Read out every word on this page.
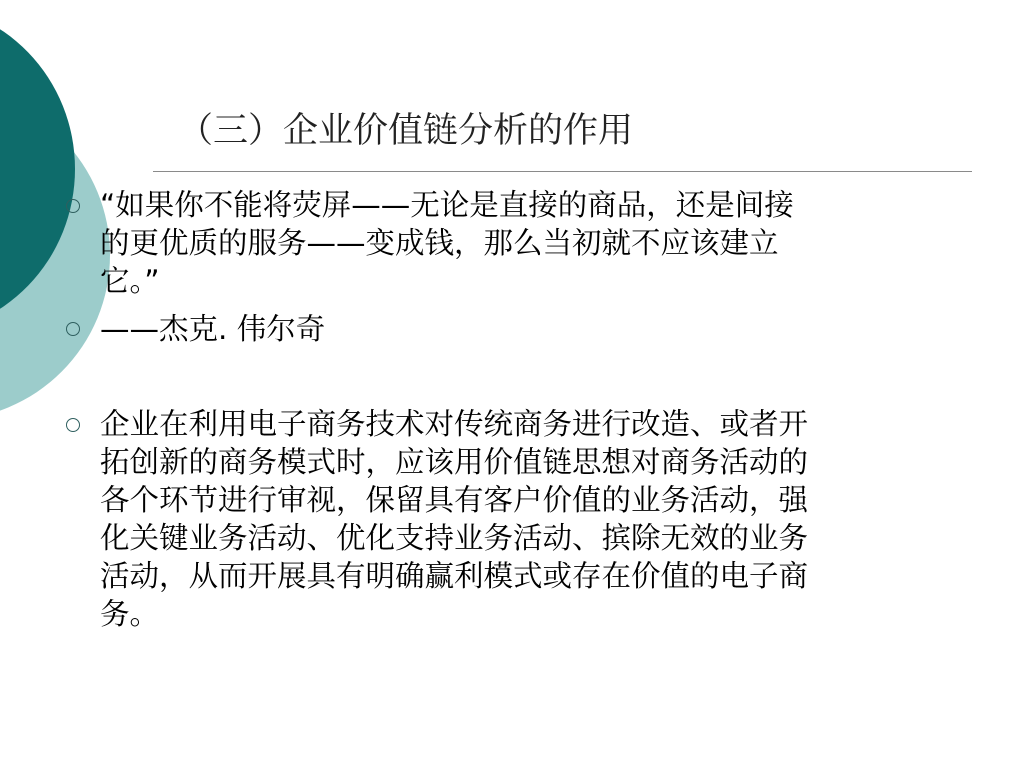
（三）企业价值链分析的作用
“如果你不能将荧屏——无论是直接的商品，还是间接
的更优质的服务——变成钱，那么当初就不应该建立
它。”
——杰克. 伟尔奇
企业在利用电子商务技术对传统商务进行改造、或者开
拓创新的商务模式时，应该用价值链思想对商务活动的
各个环节进行审视，保留具有客户价值的业务活动，强
化关键业务活动、优化支持业务活动、摈除无效的业务
活动，从而开展具有明确赢利模式或存在价值的电子商
务。
